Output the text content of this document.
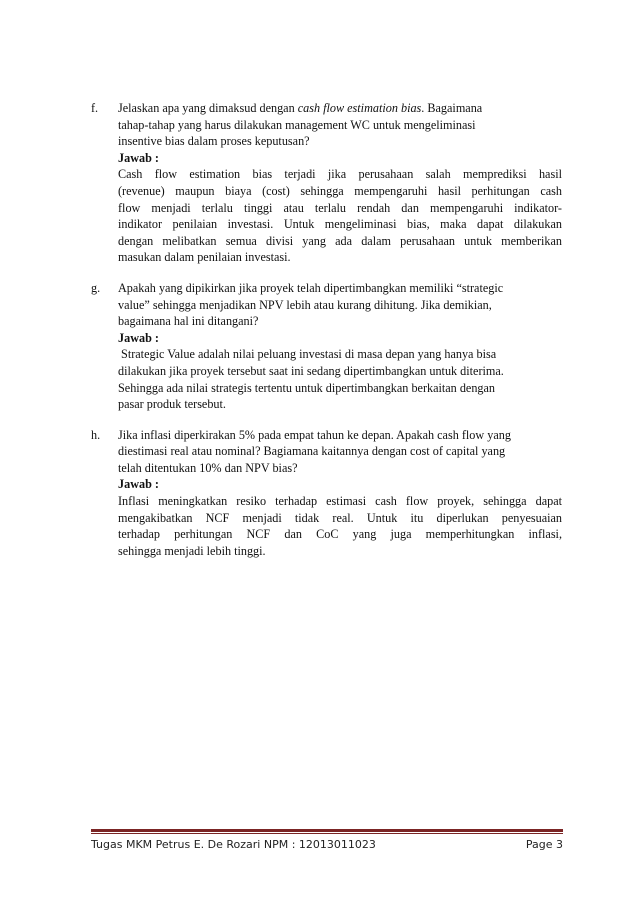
f. Jelaskan apa yang dimaksud dengan cash flow estimation bias. Bagaimana
tahap-tahap yang harus dilakukan management WC untuk mengeliminasi
insentive bias dalam proses keputusan?
Jawab :
Cash flow estimation bias terjadi jika perusahaan salah memprediksi hasil
(revenue) maupun biaya (cost) sehingga mempengaruhi hasil perhitungan cash
flow menjadi terlalu tinggi atau terlalu rendah dan mempengaruhi indikator-
indikator penilaian investasi. Untuk mengeliminasi bias, maka dapat dilakukan
dengan melibatkan semua divisi yang ada dalam perusahaan untuk memberikan
masukan dalam penilaian investasi.
g. Apakah yang dipikirkan jika proyek telah dipertimbangkan memiliki “strategic
value” sehingga menjadikan NPV lebih atau kurang dihitung. Jika demikian,
bagaimana hal ini ditangani?
Jawab :
Strategic Value adalah nilai peluang investasi di masa depan yang hanya bisa
dilakukan jika proyek tersebut saat ini sedang dipertimbangkan untuk diterima.
Sehingga ada nilai strategis tertentu untuk dipertimbangkan berkaitan dengan
pasar produk tersebut.
h. Jika inflasi diperkirakan 5% pada empat tahun ke depan. Apakah cash flow yang
diestimasi real atau nominal? Bagiamana kaitannya dengan cost of capital yang
telah ditentukan 10% dan NPV bias?
Jawab :
Inflasi meningkatkan resiko terhadap estimasi cash flow proyek, sehingga dapat
mengakibatkan NCF menjadi tidak real. Untuk itu diperlukan penyesuaian
terhadap perhitungan NCF dan CoC yang juga memperhitungkan inflasi,
sehingga menjadi lebih tinggi.
Tugas MKM Petrus E. De Rozari NPM : 12013011023	Page 3
